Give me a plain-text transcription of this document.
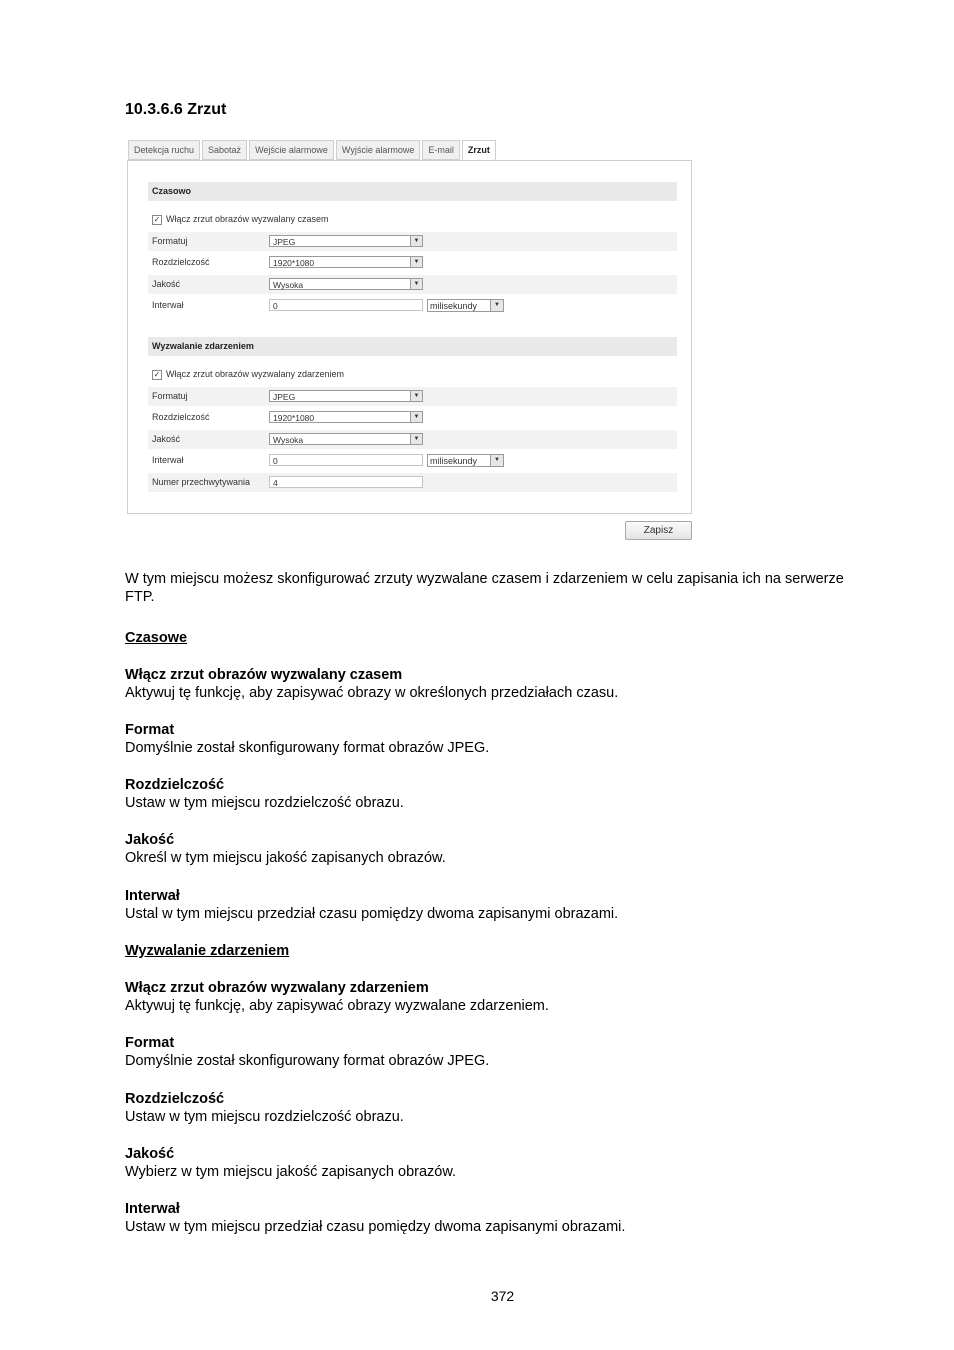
10.3.6.6 Zrzut
Detekcja ruchu	Sabotaż	Wejście alarmowe	Wyjście alarmowe	E-mail	Zrzut
Czasowo
✓ Włącz zrzut obrazów wyzwalany czasem
Formatuj	JPEG	▼
Rozdzielczość	1920*1080	▼
Jakość	Wysoka	▼
Interwał	0	milisekundy	▼
Wyzwalanie zdarzeniem
✓ Włącz zrzut obrazów wyzwalany zdarzeniem
Formatuj	JPEG	▼
Rozdzielczość	1920*1080	▼
Jakość	Wysoka	▼
Interwał	0	milisekundy	▼
Numer przechwytywania	4
Zapisz

W tym miejscu możesz skonfigurować zrzuty wyzwalane czasem i zdarzeniem w celu zapisania ich na serwerze FTP.

Czasowe

Włącz zrzut obrazów wyzwalany czasem

Aktywuj tę funkcję, aby zapisywać obrazy w określonych przedziałach czasu.

Format

Domyślnie został skonfigurowany format obrazów JPEG.

Rozdzielczość

Ustaw w tym miejscu rozdzielczość obrazu.

Jakość

Określ w tym miejscu jakość zapisanych obrazów.

Interwał

Ustal w tym miejscu przedział czasu pomiędzy dwoma zapisanymi obrazami.

Wyzwalanie zdarzeniem

Włącz zrzut obrazów wyzwalany zdarzeniem

Aktywuj tę funkcję, aby zapisywać obrazy wyzwalane zdarzeniem.

Format

Domyślnie został skonfigurowany format obrazów JPEG.

Rozdzielczość

Ustaw w tym miejscu rozdzielczość obrazu.

Jakość

Wybierz w tym miejscu jakość zapisanych obrazów.

Interwał

Ustaw w tym miejscu przedział czasu pomiędzy dwoma zapisanymi obrazami.

372
